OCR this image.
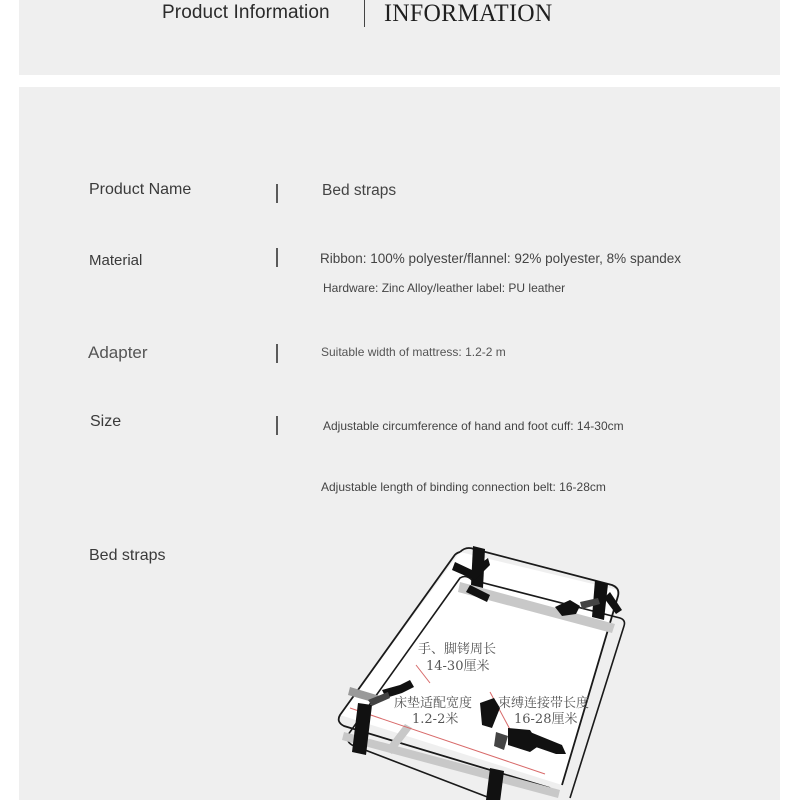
Product Information INFORMATION
Product Name	Bed straps
Material	Ribbon: 100% polyester/flannel: 92% polyester, 8% spandex
Hardware: Zinc Alloy/leather label: PU leather
Adapter	Suitable width of mattress: 1.2-2 m
Size	Adjustable circumference of hand and foot cuff: 14-30cm
Adjustable length of binding connection belt: 16-28cm
Bed straps
手、脚铐周长
14-30厘米
床垫适配宽度
1.2-2米
束缚连接带长度
16-28厘米
